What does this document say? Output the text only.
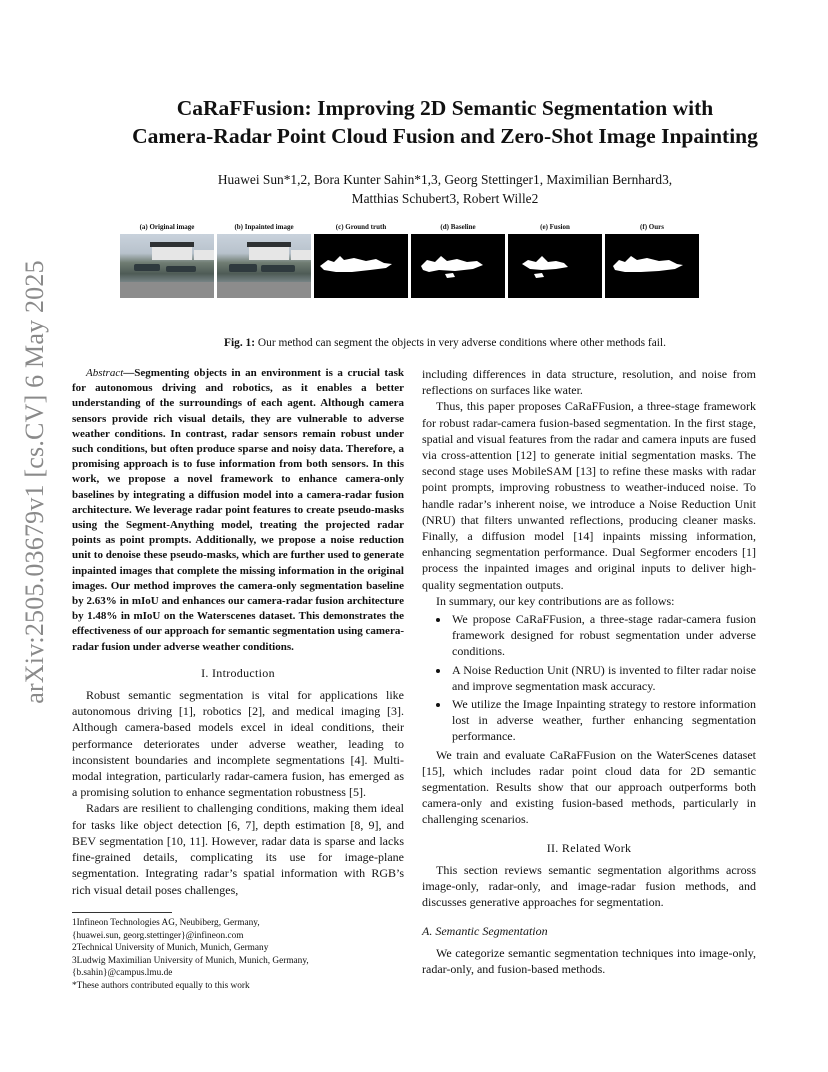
arXiv:2505.03679v1 [cs.CV] 6 May 2025
CaRaFFusion: Improving 2D Semantic Segmentation with
Camera-Radar Point Cloud Fusion and Zero-Shot Image Inpainting
Huawei Sun*1,2, Bora Kunter Sahin*1,3, Georg Stettinger1, Maximilian Bernhard3,
Matthias Schubert3, Robert Wille2
(a) Original image	(b) Inpainted image	(c) Ground truth	(d) Baseline	(e) Fusion	(f) Ours
Fig. 1: Our method can segment the objects in very adverse conditions where other methods fail.

Abstract—Segmenting objects in an environment is a crucial task for autonomous driving and robotics, as it enables a better understanding of the surroundings of each agent. Although camera sensors provide rich visual details, they are vulnerable to adverse weather conditions. In contrast, radar sensors remain robust under such conditions, but often produce sparse and noisy data. Therefore, a promising approach is to fuse information from both sensors. In this work, we propose a novel framework to enhance camera-only baselines by integrating a diffusion model into a camera-radar fusion architecture. We leverage radar point features to create pseudo-masks using the Segment-Anything model, treating the projected radar points as point prompts. Additionally, we propose a noise reduction unit to denoise these pseudo-masks, which are further used to generate inpainted images that complete the missing information in the original images. Our method improves the camera-only segmentation baseline by 2.63% in mIoU and enhances our camera-radar fusion architecture by 1.48% in mIoU on the Waterscenes dataset. This demonstrates the effectiveness of our approach for semantic segmentation using camera-radar fusion under adverse weather conditions.

I. Introduction

Robust semantic segmentation is vital for applications like autonomous driving [1], robotics [2], and medical imaging [3]. Although camera-based models excel in ideal conditions, their performance deteriorates under adverse weather, leading to inconsistent boundaries and incomplete segmentations [4]. Multi-modal integration, particularly radar-camera fusion, has emerged as a promising solution to enhance segmentation robustness [5].

Radars are resilient to challenging conditions, making them ideal for tasks like object detection [6, 7], depth estimation [8, 9], and BEV segmentation [10, 11]. However, radar data is sparse and lacks fine-grained details, complicating its use for image-plane segmentation. Integrating radar’s spatial information with RGB’s rich visual detail poses challenges,

1Infineon Technologies AG, Neubiberg, Germany,

{huawei.sun, georg.stettinger}@infineon.com

2Technical University of Munich, Munich, Germany

3Ludwig Maximilian University of Munich, Munich, Germany,

{b.sahin}@campus.lmu.de

*These authors contributed equally to this work

including differences in data structure, resolution, and noise from reflections on surfaces like water.

Thus, this paper proposes CaRaFFusion, a three-stage framework for robust radar-camera fusion-based segmentation. In the first stage, spatial and visual features from the radar and camera inputs are fused via cross-attention [12] to generate initial segmentation masks. The second stage uses MobileSAM [13] to refine these masks with radar point prompts, improving robustness to weather-induced noise. To handle radar’s inherent noise, we introduce a Noise Reduction Unit (NRU) that filters unwanted reflections, producing cleaner masks. Finally, a diffusion model [14] inpaints missing information, enhancing segmentation performance. Dual Segformer encoders [1] process the inpainted images and original inputs to deliver high-quality segmentation outputs.

In summary, our key contributions are as follows:

• We propose CaRaFFusion, a three-stage radar-camera fusion framework designed for robust segmentation under adverse conditions.
• A Noise Reduction Unit (NRU) is invented to filter radar noise and improve segmentation mask accuracy.
• We utilize the Image Inpainting strategy to restore information lost in adverse weather, further enhancing segmentation performance.

We train and evaluate CaRaFFusion on the WaterScenes dataset [15], which includes radar point cloud data for 2D semantic segmentation. Results show that our approach outperforms both camera-only and existing fusion-based methods, particularly in challenging scenarios.

II. Related Work

This section reviews semantic segmentation algorithms across image-only, radar-only, and image-radar fusion methods, and discusses generative approaches for segmentation.

A. Semantic Segmentation

We categorize semantic segmentation techniques into image-only, radar-only, and fusion-based methods.
